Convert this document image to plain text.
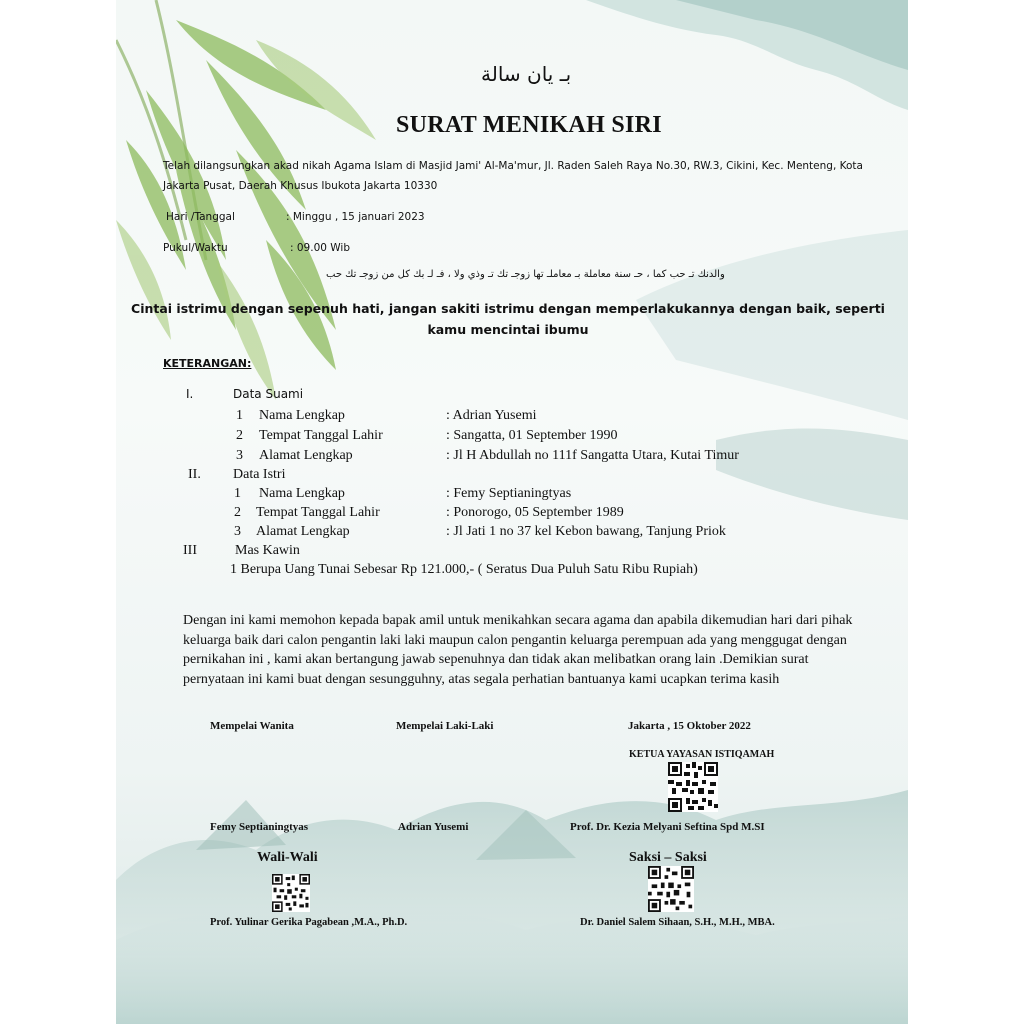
بـ يان سالة
SURAT MENIKAH SIRI
Telah dilangsungkan akad nikah Agama Islam di Masjid Jami' Al-Ma'mur, Jl. Raden Saleh Raya No.30, RW.3, Cikini, Kec. Menteng, Kota Jakarta Pusat, Daerah Khusus Ibukota Jakarta 10330
Hari /Tanggal	: Minggu , 15 januari 2023
Pukul/Waktu	: 09.00 Wib
والدنك تـ حب كما ، حـ سنة معاملة بـ معاملـ تها زوجـ تك تـ وذي ولا ، فـ لـ بك كل من زوجـ تك حب
Cintai istrimu dengan sepenuh hati, jangan sakiti istrimu dengan memperlakukannya dengan baik, seperti kamu mencintai ibumu
KETERANGAN:
I.	Data Suami
1 Nama Lengkap	: Adrian Yusemi
2 Tempat Tanggal Lahir	: Sangatta, 01 September 1990
3 Alamat Lengkap	: Jl H Abdullah no 111f Sangatta Utara, Kutai Timur
II. Data Istri
1 Nama Lengkap	: Femy Septianingtyas
2 Tempat Tanggal Lahir	: Ponorogo, 05 September 1989
3 Alamat Lengkap	: Jl Jati 1 no 37 kel Kebon bawang, Tanjung Priok
III	Mas Kawin
1 Berupa Uang Tunai Sebesar Rp 121.000,- ( Seratus Dua Puluh Satu Ribu Rupiah)
Dengan ini kami memohon kepada bapak amil untuk menikahkan secara agama dan apabila dikemudian hari dari pihak keluarga baik dari calon pengantin laki laki maupun calon pengantin keluarga perempuan ada yang menggugat dengan pernikahan ini , kami akan bertangung jawab sepenuhnya dan tidak akan melibatkan orang lain .Demikian surat pernyataan ini kami buat dengan sesungguhny, atas segala perhatian bantuanya kami ucapkan terima kasih
Mempelai Wanita	Mempelai Laki-Laki	Jakarta , 15 Oktober 2022
KETUA YAYASAN ISTIQAMAH
Femy Septianingtyas	Adrian Yusemi	Prof. Dr. Kezia Melyani Seftina Spd M.SI
Wali-Wali	Saksi – Saksi
Prof. Yulinar Gerika Pagabean ,M.A., Ph.D.	Dr. Daniel Salem Sihaan, S.H., M.H., MBA.
